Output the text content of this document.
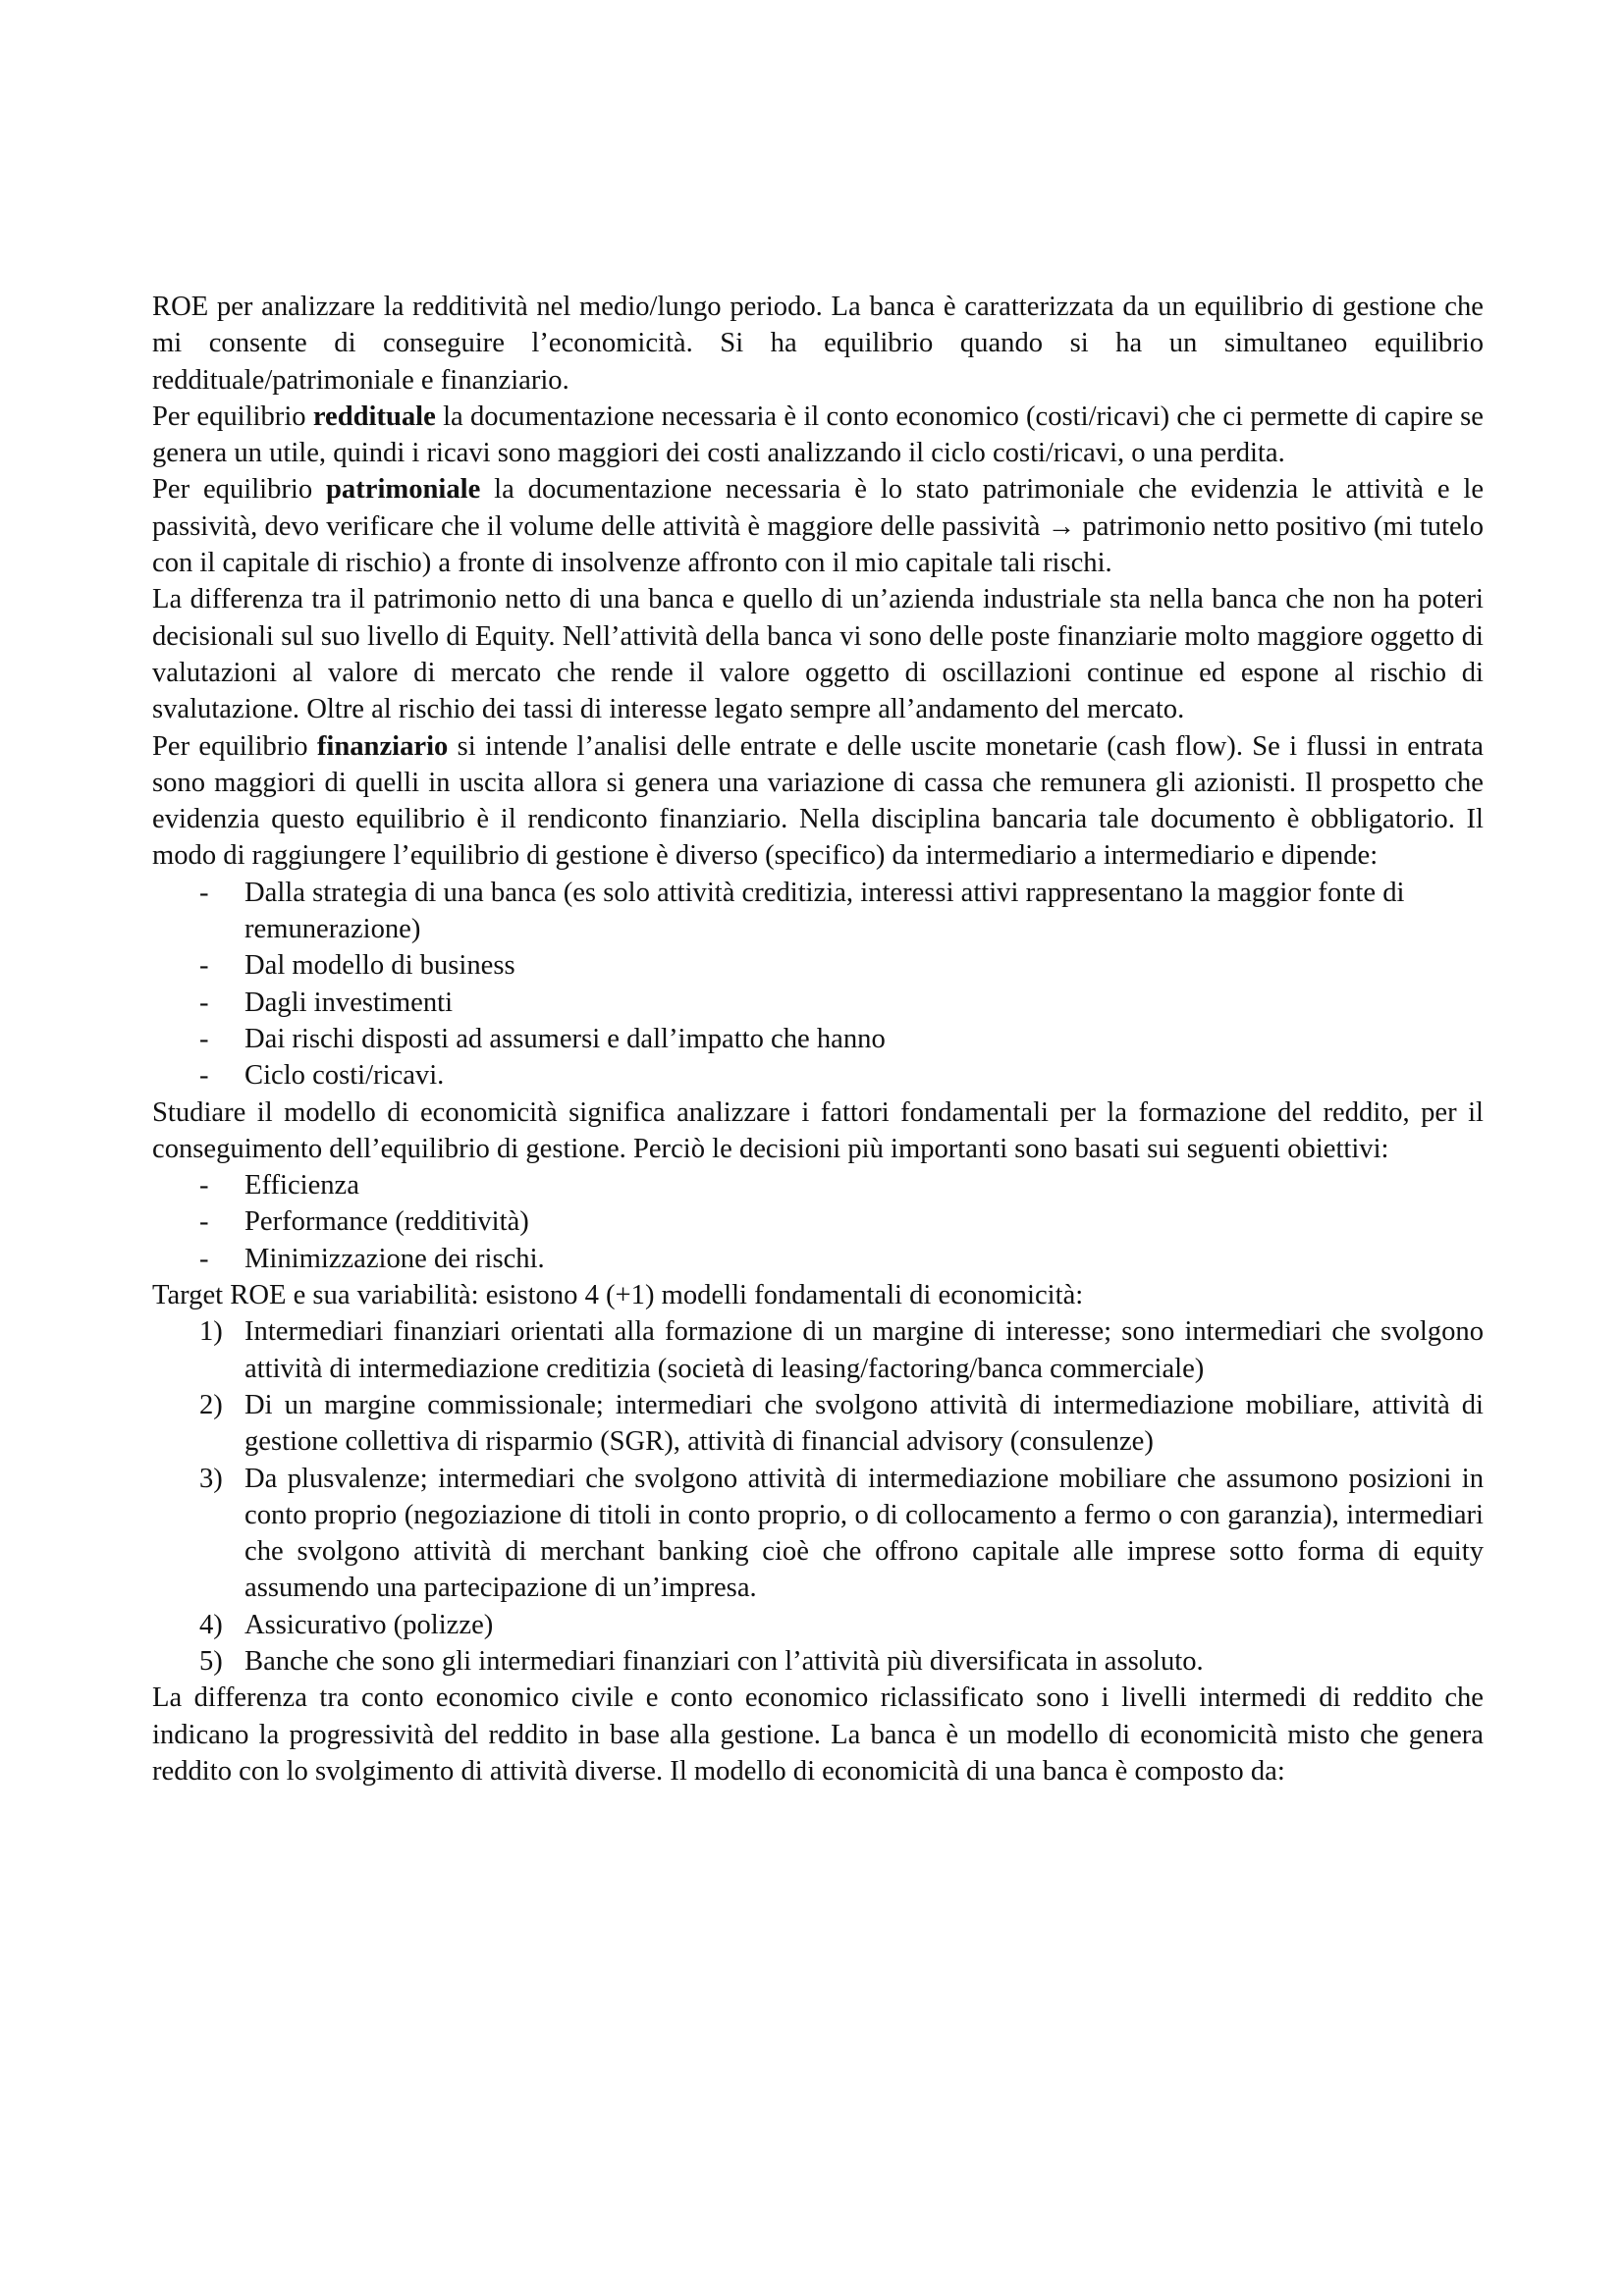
ROE per analizzare la redditività nel medio/lungo periodo. La banca è caratterizzata da un equilibrio di gestione che mi consente di conseguire l’economicità. Si ha equilibrio quando si ha un simultaneo equilibrio reddituale/patrimoniale e finanziario.

Per equilibrio reddituale la documentazione necessaria è il conto economico (costi/ricavi) che ci permette di capire se genera un utile, quindi i ricavi sono maggiori dei costi analizzando il ciclo costi/ricavi, o una perdita.

Per equilibrio patrimoniale la documentazione necessaria è lo stato patrimoniale che evidenzia le attività e le passività, devo verificare che il volume delle attività è maggiore delle passività → patrimonio netto positivo (mi tutelo con il capitale di rischio) a fronte di insolvenze affronto con il mio capitale tali rischi.

La differenza tra il patrimonio netto di una banca e quello di un’azienda industriale sta nella banca che non ha poteri decisionali sul suo livello di Equity. Nell’attività della banca vi sono delle poste finanziarie molto maggiore oggetto di valutazioni al valore di mercato che rende il valore oggetto di oscillazioni continue ed espone al rischio di svalutazione. Oltre al rischio dei tassi di interesse legato sempre all’andamento del mercato.

Per equilibrio finanziario si intende l’analisi delle entrate e delle uscite monetarie (cash flow). Se i flussi in entrata sono maggiori di quelli in uscita allora si genera una variazione di cassa che remunera gli azionisti. Il prospetto che evidenzia questo equilibrio è il rendiconto finanziario. Nella disciplina bancaria tale documento è obbligatorio. Il modo di raggiungere l’equilibrio di gestione è diverso (specifico) da intermediario a intermediario e dipende:

- Dalla strategia di una banca (es solo attività creditizia, interessi attivi rappresentano la maggior fonte di remunerazione)
- Dal modello di business
- Dagli investimenti
- Dai rischi disposti ad assumersi e dall’impatto che hanno
- Ciclo costi/ricavi.

Studiare il modello di economicità significa analizzare i fattori fondamentali per la formazione del reddito, per il conseguimento dell’equilibrio di gestione. Perciò le decisioni più importanti sono basati sui seguenti obiettivi:

- Efficienza
- Performance (redditività)
- Minimizzazione dei rischi.

Target ROE e sua variabilità: esistono 4 (+1) modelli fondamentali di economicità:

1) Intermediari finanziari orientati alla formazione di un margine di interesse; sono intermediari che svolgono attività di intermediazione creditizia (società di leasing/factoring/banca commerciale)
2) Di un margine commissionale; intermediari che svolgono attività di intermediazione mobiliare, attività di gestione collettiva di risparmio (SGR), attività di financial advisory (consulenze)
3) Da plusvalenze; intermediari che svolgono attività di intermediazione mobiliare che assumono posizioni in conto proprio (negoziazione di titoli in conto proprio, o di collocamento a fermo o con garanzia), intermediari che svolgono attività di merchant banking cioè che offrono capitale alle imprese sotto forma di equity assumendo una partecipazione di un’impresa.
4) Assicurativo (polizze)
5) Banche che sono gli intermediari finanziari con l’attività più diversificata in assoluto.

La differenza tra conto economico civile e conto economico riclassificato sono i livelli intermedi di reddito che indicano la progressività del reddito in base alla gestione. La banca è un modello di economicità misto che genera reddito con lo svolgimento di attività diverse. Il modello di economicità di una banca è composto da:
